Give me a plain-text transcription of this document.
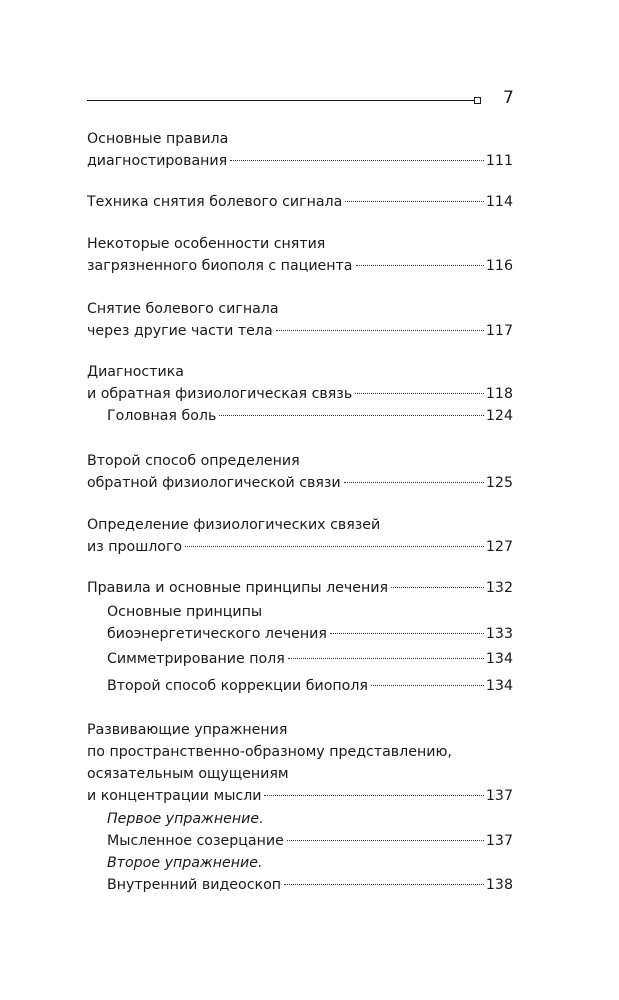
7
Основные правила
диагностирования	111
Техника снятия болевого сигнала	114
Некоторые особенности снятия
загрязненного биополя с пациента	116
Снятие болевого сигнала
через другие части тела	117
Диагностика
и обратная физиологическая связь	118
Головная боль	124
Второй способ определения
обратной физиологической связи	125
Определение физиологических связей
из прошлого	127
Правила и основные принципы лечения	132
Основные принципы
биоэнергетического лечения	133
Симметрирование поля	134
Второй способ коррекции биополя	134
Развивающие упражнения
по пространственно-образному представлению,
осязательным ощущениям
и концентрации мысли	137
Первое упражнение.
Мысленное созерцание	137
Второе упражнение.
Внутренний видеоскоп	138
